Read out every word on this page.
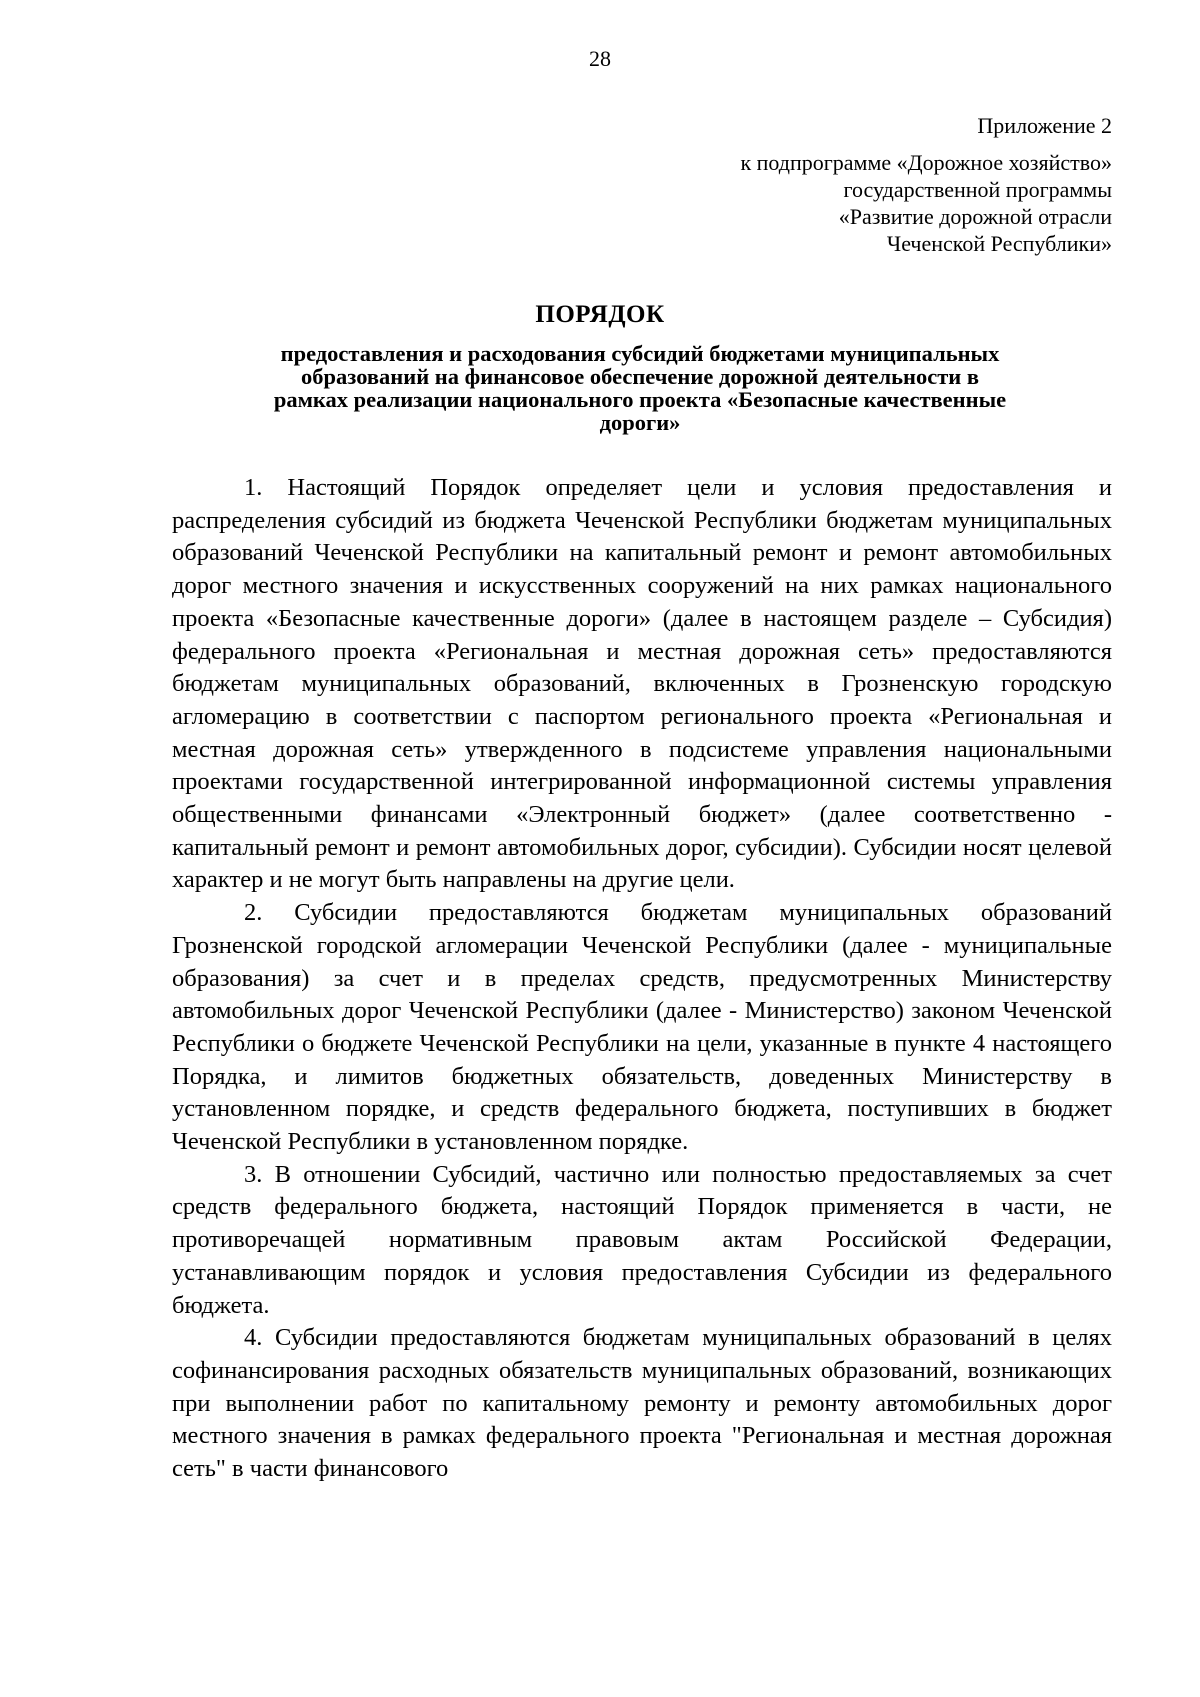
28
Приложение 2
к подпрограмме «Дорожное хозяйство»
государственной программы
«Развитие дорожной отрасли
Чеченской Республики»
ПОРЯДОК
предоставления и расходования субсидий бюджетами муниципальных
образований на финансовое обеспечение дорожной деятельности в
рамках реализации национального проекта «Безопасные качественные
дороги»

1. Настоящий Порядок определяет цели и условия предоставления и распределения субсидий из бюджета Чеченской Республики бюджетам муниципальных образований Чеченской Республики на капитальный ремонт и ремонт автомобильных дорог местного значения и искусственных сооружений на них рамках национального проекта «Безопасные качественные дороги» (далее в настоящем разделе – Субсидия) федерального проекта «Региональная и местная дорожная сеть» предоставляются бюджетам муниципальных образований, включенных в Грозненскую городскую агломерацию в соответствии с паспортом регионального проекта «Региональная и местная дорожная сеть» утвержденного в подсистеме управления национальными проектами государственной интегрированной информационной системы управления общественными финансами «Электронный бюджет» (далее соответственно - капитальный ремонт и ремонт автомобильных дорог, субсидии). Субсидии носят целевой характер и не могут быть направлены на другие цели.

2. Субсидии предоставляются бюджетам муниципальных образований Грозненской городской агломерации Чеченской Республики (далее - муниципальные образования) за счет и в пределах средств, предусмотренных Министерству автомобильных дорог Чеченской Республики (далее - Министерство) законом Чеченской Республики о бюджете Чеченской Республики на цели, указанные в пункте 4 настоящего Порядка, и лимитов бюджетных обязательств, доведенных Министерству в установленном порядке, и средств федерального бюджета, поступивших в бюджет Чеченской Республики в установленном порядке.

3. В отношении Субсидий, частично или полностью предоставляемых за счет средств федерального бюджета, настоящий Порядок применяется в части, не противоречащей нормативным правовым актам Российской Федерации, устанавливающим порядок и условия предоставления Субсидии из федерального бюджета.

4. Субсидии предоставляются бюджетам муниципальных образований в целях софинансирования расходных обязательств муниципальных образований, возникающих при выполнении работ по капитальному ремонту и ремонту автомобильных дорог местного значения в рамках федерального проекта "Региональная и местная дорожная сеть" в части финансового
